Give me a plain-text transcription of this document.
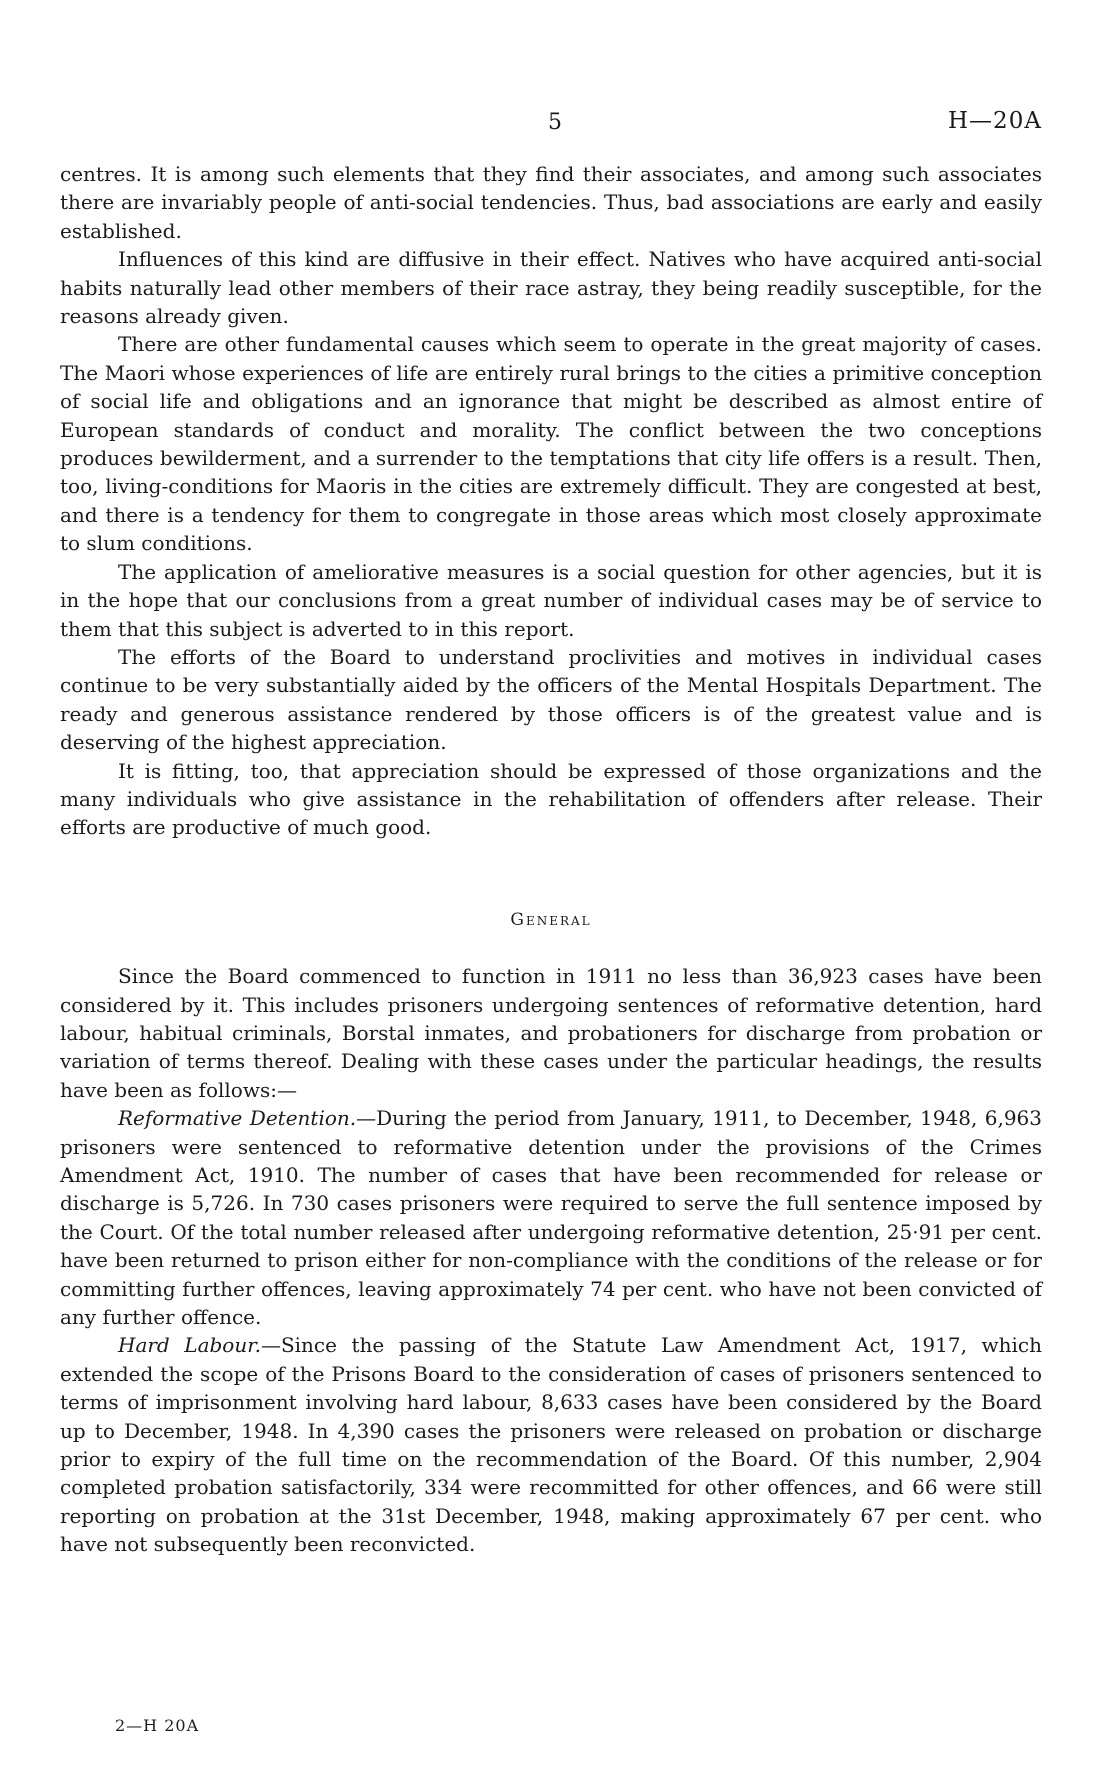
5	H—20A

centres. It is among such elements that they find their associates, and among such associates there are invariably people of anti-social tendencies. Thus, bad associations are early and easily established.

Influences of this kind are diffusive in their effect. Natives who have acquired anti-social habits naturally lead other members of their race astray, they being readily susceptible, for the reasons already given.

There are other fundamental causes which seem to operate in the great majority of cases. The Maori whose experiences of life are entirely rural brings to the cities a primitive conception of social life and obligations and an ignorance that might be described as almost entire of European standards of conduct and morality. The conflict between the two conceptions produces bewilderment, and a surrender to the temptations that city life offers is a result. Then, too, living-conditions for Maoris in the cities are extremely difficult. They are congested at best, and there is a tendency for them to congregate in those areas which most closely approximate to slum conditions.

The application of ameliorative measures is a social question for other agencies, but it is in the hope that our conclusions from a great number of individual cases may be of service to them that this subject is adverted to in this report.

The efforts of the Board to understand proclivities and motives in individual cases continue to be very substantially aided by the officers of the Mental Hospitals Department. The ready and generous assistance rendered by those officers is of the greatest value and is deserving of the highest appreciation.

It is fitting, too, that appreciation should be expressed of those organizations and the many individuals who give assistance in the rehabilitation of offenders after release. Their efforts are productive of much good.

General

Since the Board commenced to function in 1911 no less than 36,923 cases have been considered by it. This includes prisoners undergoing sentences of reformative detention, hard labour, habitual criminals, Borstal inmates, and probationers for discharge from probation or variation of terms thereof. Dealing with these cases under the particular headings, the results have been as follows:—

Reformative Detention.—During the period from January, 1911, to December, 1948, 6,963 prisoners were sentenced to reformative detention under the provisions of the Crimes Amendment Act, 1910. The number of cases that have been recommended for release or discharge is 5,726. In 730 cases prisoners were required to serve the full sentence imposed by the Court. Of the total number released after undergoing reformative detention, 25·91 per cent. have been returned to prison either for non-compliance with the conditions of the release or for committing further offences, leaving approximately 74 per cent. who have not been convicted of any further offence.

Hard Labour.—Since the passing of the Statute Law Amendment Act, 1917, which extended the scope of the Prisons Board to the consideration of cases of prisoners sentenced to terms of imprisonment involving hard labour, 8,633 cases have been considered by the Board up to December, 1948. In 4,390 cases the prisoners were released on probation or discharge prior to expiry of the full time on the recommendation of the Board. Of this number, 2,904 completed probation satisfactorily, 334 were recommitted for other offences, and 66 were still reporting on probation at the 31st December, 1948, making approximately 67 per cent. who have not subsequently been reconvicted.

2—H 20A
